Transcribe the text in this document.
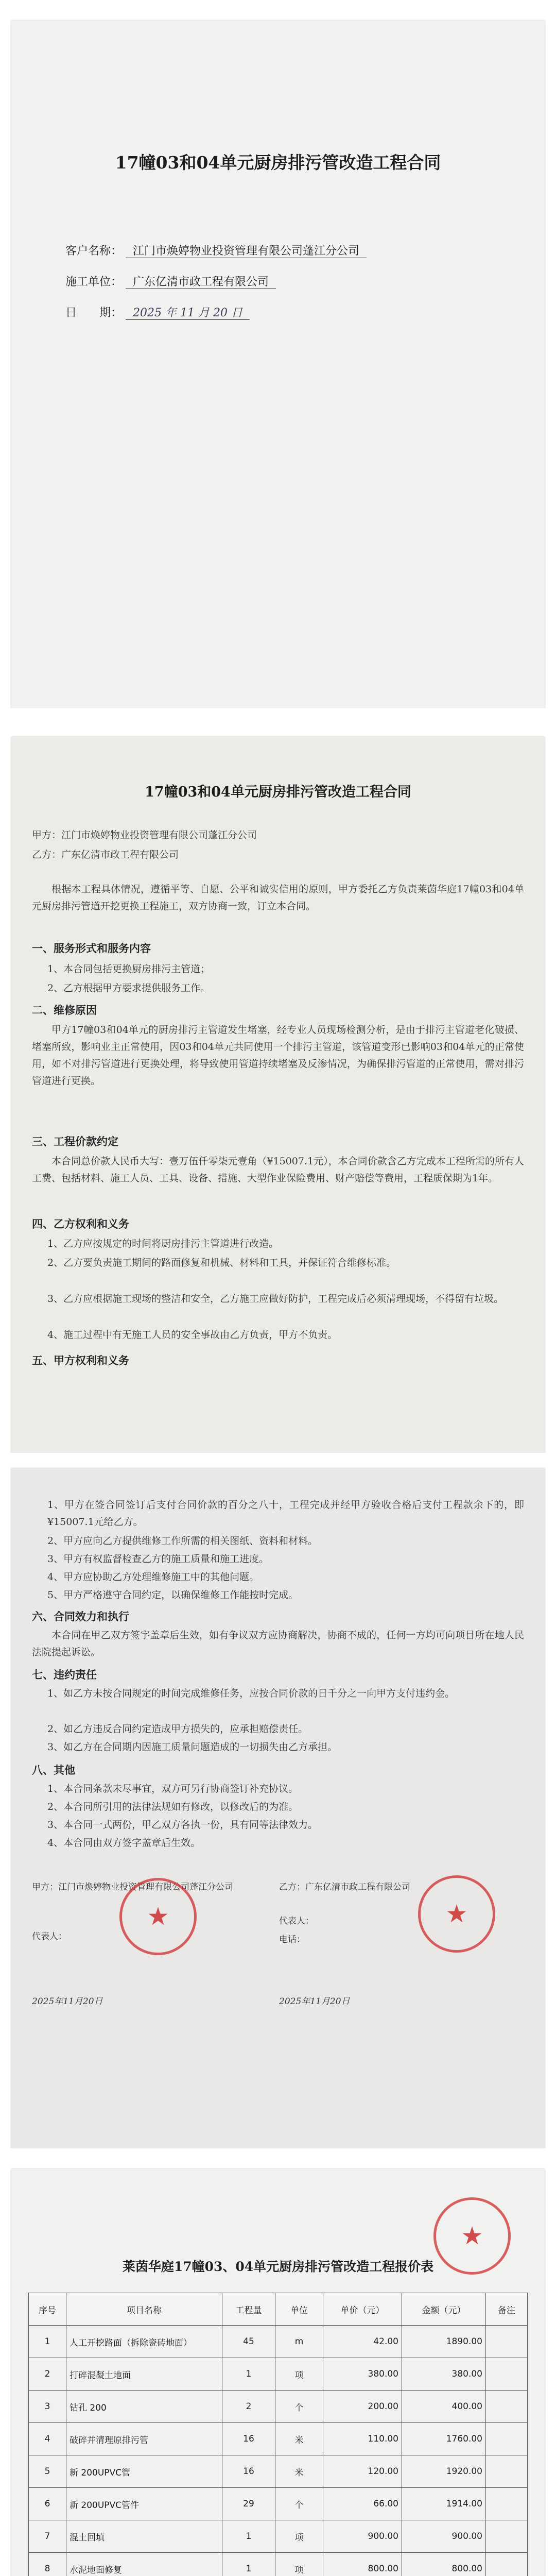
17幢03和04单元厨房排污管改造工程合同
客户名称： 江门市焕婷物业投资管理有限公司蓬江分公司
施工单位： 广东亿清市政工程有限公司
日　　期： 2025 年 11 月 20 日
17幢03和04单元厨房排污管改造工程合同
甲方：江门市焕婷物业投资管理有限公司蓬江分公司
乙方：广东亿清市政工程有限公司
根据本工程具体情况，遵循平等、自愿、公平和诚实信用的原则，甲方委托乙方负责莱茵华庭17幢03和04单元厨房排污管道开挖更换工程施工，双方协商一致，订立本合同。
一、服务形式和服务内容
1、本合同包括更换厨房排污主管道；
2、乙方根据甲方要求提供服务工作。
二、维修原因
甲方17幢03和04单元的厨房排污主管道发生堵塞，经专业人员现场检测分析，是由于排污主管道老化破损、堵塞所致，影响业主正常使用，因03和04单元共同使用一个排污主管道，该管道变形已影响03和04单元的正常使用，如不对排污管道进行更换处理，将导致使用管道持续堵塞及反渗情况，为确保排污管道的正常使用，需对排污管道进行更换。
三、工程价款约定
本合同总价款人民币大写：壹万伍仟零柒元壹角（¥15007.1元），本合同价款含乙方完成本工程所需的所有人工费、包括材料、施工人员、工具、设备、措施、大型作业保险费用、财产赔偿等费用，工程质保期为1年。
四、乙方权利和义务
1、乙方应按规定的时间将厨房排污主管道进行改造。
2、乙方要负责施工期间的路面修复和机械、材料和工具，并保证符合维修标准。
3、乙方应根据施工现场的整洁和安全，乙方施工应做好防护，工程完成后必须清理现场，不得留有垃圾。
4、施工过程中有无施工人员的安全事故由乙方负责，甲方不负责。
五、甲方权利和义务
1、甲方在签合同签订后支付合同价款的百分之八十，工程完成并经甲方验收合格后支付工程款余下的，即¥15007.1元给乙方。
2、甲方应向乙方提供维修工作所需的相关图纸、资料和材料。
3、甲方有权监督检查乙方的施工质量和施工进度。
4、甲方应协助乙方处理维修施工中的其他问题。
5、甲方严格遵守合同约定，以确保维修工作能按时完成。
六、合同效力和执行
本合同在甲乙双方签字盖章后生效，如有争议双方应协商解决，协商不成的，任何一方均可向项目所在地人民法院提起诉讼。
七、违约责任
1、如乙方未按合同规定的时间完成维修任务，应按合同价款的日千分之一向甲方支付违约金。
2、如乙方违反合同约定造成甲方损失的，应承担赔偿责任。
3、如乙方在合同期内因施工质量问题造成的一切损失由乙方承担。
八、其他
1、本合同条款未尽事宜，双方可另行协商签订补充协议。
2、本合同所引用的法律法规如有修改，以修改后的为准。
3、本合同一式两份，甲乙双方各执一份，具有同等法律效力。
4、本合同由双方签字盖章后生效。
甲方：江门市焕婷物业投资管理有限公司蓬江分公司
代表人：
2025年11月20日
★
乙方：广东亿清市政工程有限公司
代表人：
电话：
2025年11月20日
★
莱茵华庭17幢03、04单元厨房排污管改造工程报价表
★
序号	项目名称	工程量	单位	单价（元）	金额（元）	备注
1	人工开挖路面（拆除瓷砖地面）	45	m	42.00	1890.00	
2	打碎混凝土地面	1	项	380.00	380.00	
3	钻孔 200	2	个	200.00	400.00	
4	破碎并清理原排污管	16	米	110.00	1760.00	
5	新 200UPVC管	16	米	120.00	1920.00	
6	新 200UPVC管件	29	个	66.00	1914.00	
7	混土回填	1	项	900.00	900.00	
8	水泥地面修复	1	项	800.00	800.00	
